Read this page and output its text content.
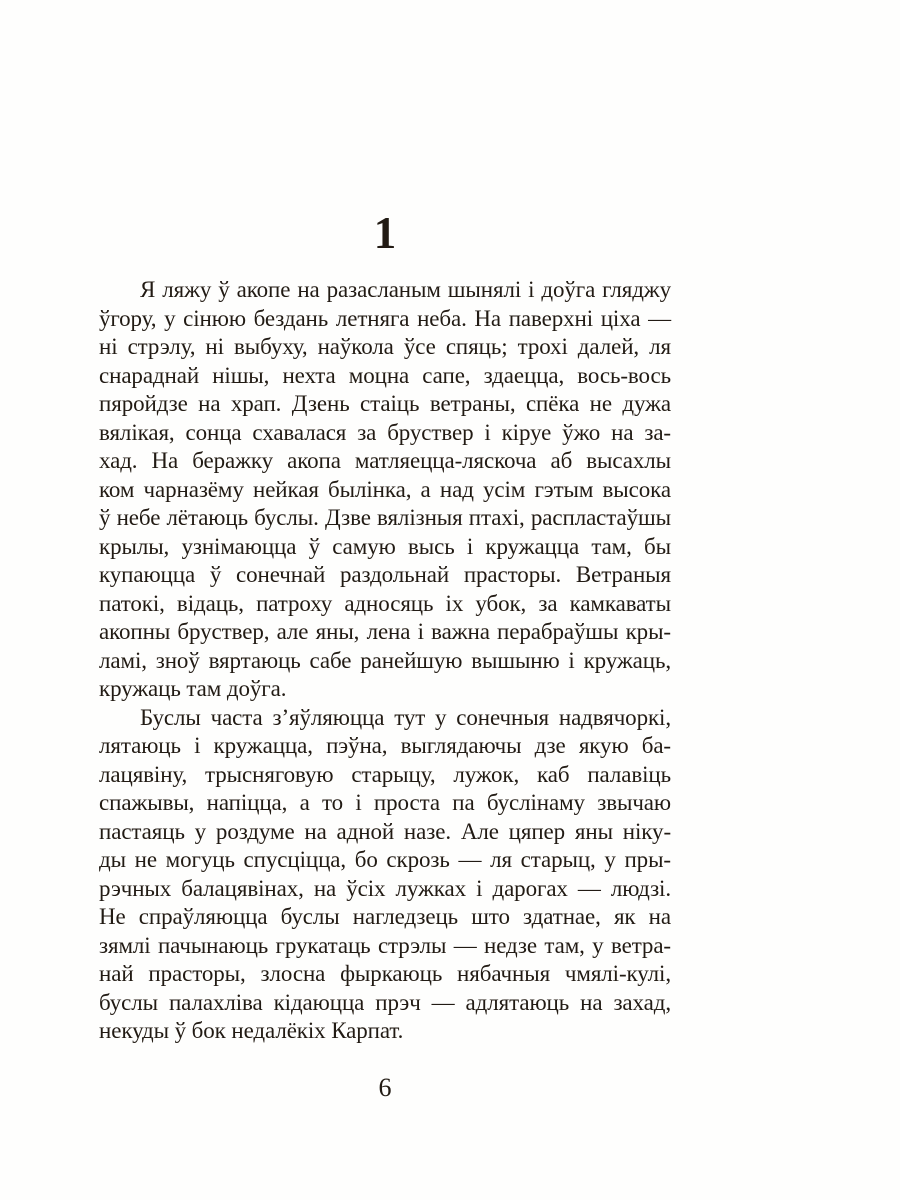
1
Я ляжу ў акопе на разасланым шынялі і доўга гляджу
ўгору, у сінюю бездань летняга неба. На паверхні ціха —
ні стрэлу, ні выбуху, наўкола ўсе спяць; трохі далей, ля
снараднай нішы, нехта моцна сапе, здаецца, вось-вось
пяройдзе на храп. Дзень стаіць ветраны, спёка не дужа
вялікая, сонца схавалася за бруствер і кіруе ўжо на за-
хад. На беражку акопа матляецца-ляскоча аб высахлы
ком чарназёму нейкая былінка, а над усім гэтым высока
ў небе лётаюць буслы. Дзве вялізныя птахі, распластаўшы
крылы, узнімаюцца ў самую высь і кружацца там, бы
купаюцца ў сонечнай раздольнай прасторы. Ветраныя
патокі, відаць, патроху адносяць іх убок, за камкаваты
акопны бруствер, але яны, лена і важна перабраўшы кры-
ламі, зноў вяртаюць сабе ранейшую вышыню і кружаць,
кружаць там доўга.
Буслы часта з’яўляюцца тут у сонечныя надвячоркі,
лятаюць і кружацца, пэўна, выглядаючы дзе якую ба-
лацявіну, трысняговую старыцу, лужок, каб палавіць
спажывы, напіцца, а то і проста па буслінаму звычаю
пастаяць у роздуме на адной назе. Але цяпер яны ніку-
ды не могуць спусціцца, бо скрозь — ля старыц, у пры-
рэчных балацявінах, на ўсіх лужках і дарогах — людзі.
Не спраўляюцца буслы нагледзець што здатнае, як на
зямлі пачынаюць грукатаць стрэлы — недзе там, у ветра-
най прасторы, злосна фыркаюць нябачныя чмялі-кулі,
буслы палахліва кідаюцца прэч — адлятаюць на захад,
некуды ў бок недалёкіх Карпат.
6
